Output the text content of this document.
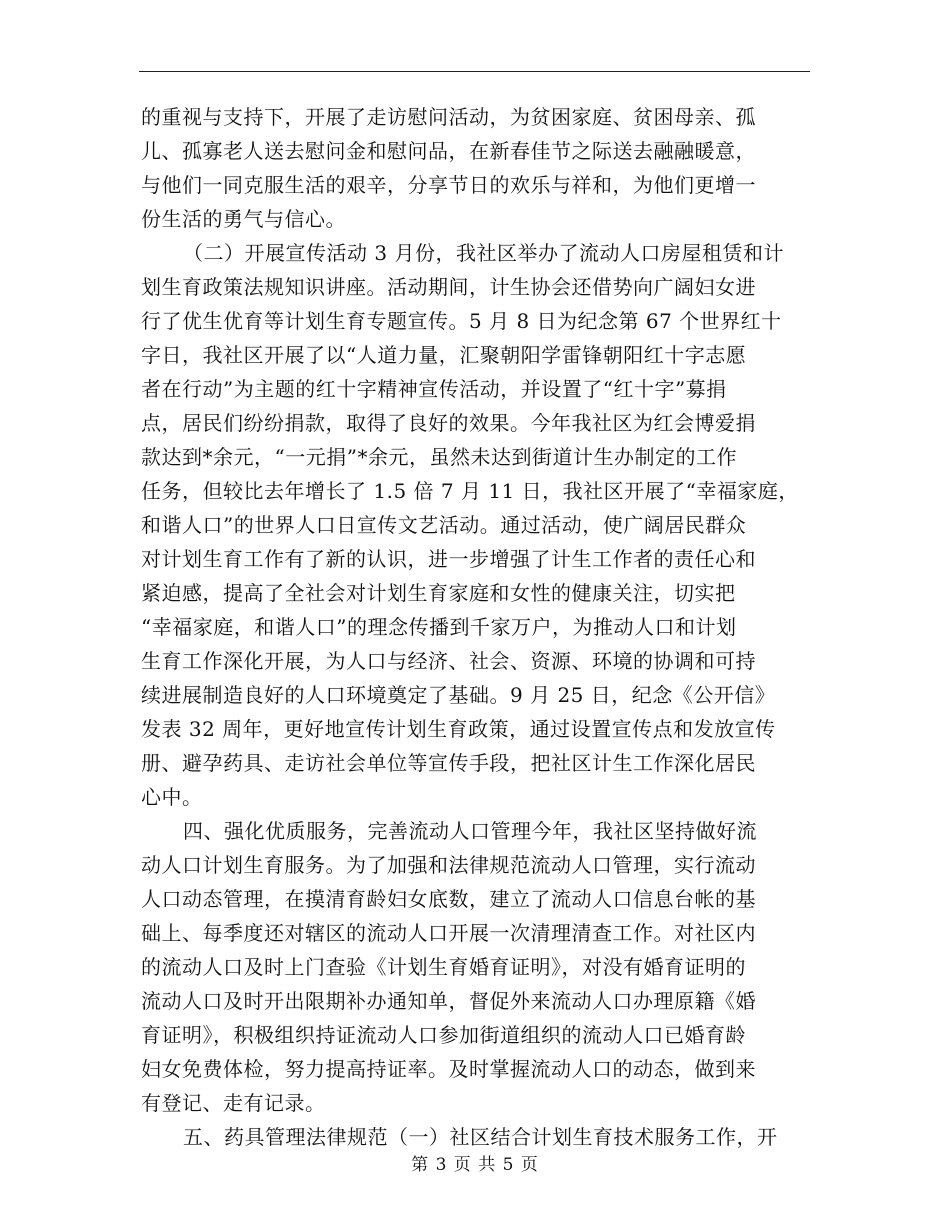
的重视与支持下，开展了走访慰问活动，为贫困家庭、贫困母亲、孤
儿、孤寡老人送去慰问金和慰问品，在新春佳节之际送去融融暖意，
与他们一同克服生活的艰辛，分享节日的欢乐与祥和，为他们更增一
份生活的勇气与信心。
（二）开展宣传活动 3 月份，我社区举办了流动人口房屋租赁和计
划生育政策法规知识讲座。活动期间，计生协会还借势向广阔妇女进
行了优生优育等计划生育专题宣传。5 月 8 日为纪念第 67 个世界红十
字日，我社区开展了以“人道力量，汇聚朝阳学雷锋朝阳红十字志愿
者在行动”为主题的红十字精神宣传活动，并设置了“红十字”募捐
点，居民们纷纷捐款，取得了良好的效果。今年我社区为红会博爱捐
款达到*余元，“一元捐”*余元，虽然未达到街道计生办制定的工作
任务，但较比去年增长了 1.5 倍 7 月 11 日，我社区开展了“幸福家庭，
和谐人口”的世界人口日宣传文艺活动。通过活动，使广阔居民群众
对计划生育工作有了新的认识，进一步增强了计生工作者的责任心和
紧迫感，提高了全社会对计划生育家庭和女性的健康关注，切实把
“幸福家庭，和谐人口”的理念传播到千家万户，为推动人口和计划
生育工作深化开展，为人口与经济、社会、资源、环境的协调和可持
续进展制造良好的人口环境奠定了基础。9 月 25 日，纪念《公开信》
发表 32 周年，更好地宣传计划生育政策，通过设置宣传点和发放宣传
册、避孕药具、走访社会单位等宣传手段，把社区计生工作深化居民
心中。
四、强化优质服务，完善流动人口管理今年，我社区坚持做好流
动人口计划生育服务。为了加强和法律规范流动人口管理，实行流动
人口动态管理，在摸清育龄妇女底数，建立了流动人口信息台帐的基
础上、每季度还对辖区的流动人口开展一次清理清查工作。对社区内
的流动人口及时上门查验《计划生育婚育证明》，对没有婚育证明的
流动人口及时开出限期补办通知单，督促外来流动人口办理原籍《婚
育证明》，积极组织持证流动人口参加街道组织的流动人口已婚育龄
妇女免费体检，努力提高持证率。及时掌握流动人口的动态，做到来
有登记、走有记录。
五、药具管理法律规范（一）社区结合计划生育技术服务工作，开
第 3 页 共 5 页
